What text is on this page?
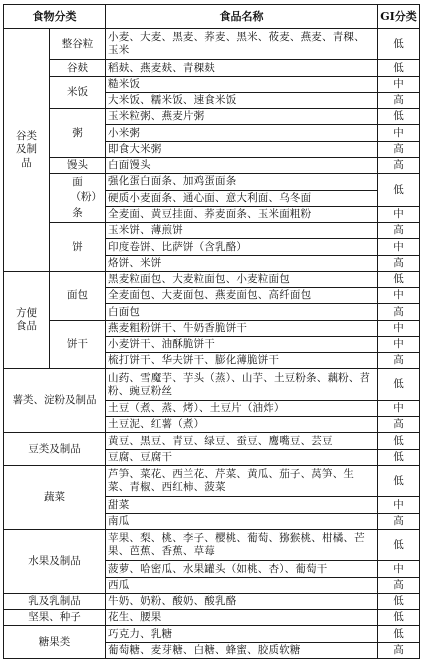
食物分类		食品名称	GI分类
谷类及制品	整谷粒	小麦、大麦、黑麦、荞麦、黑米、莜麦、燕麦、青稞、玉米	低
	谷麸	稻麸、燕麦麸、青稞麸	低
	米饭	糙米饭	中
		大米饭、糯米饭、速食米饭	高
	粥	玉米粒粥、燕麦片粥	低
		小米粥	中
		即食大米粥	高
	馒头	白面馒头	高
	面（粉）条	强化蛋白面条、加鸡蛋面条	低
		硬质小麦面条、通心面、意大利面、乌冬面	
		全麦面、黄豆挂面、荞麦面条、玉米面粗粉	中
	饼	玉米饼、薄煎饼	高
		印度卷饼、比萨饼（含乳酪）	中
		烙饼、米饼	高
方便食品	面包	黑麦粒面包、大麦粒面包、小麦粒面包	低
		全麦面包、大麦面包、燕麦面包、高纤面包	中
		白面包	高
	饼干	燕麦粗粉饼干、牛奶香脆饼干	中
		小麦饼干、油酥脆饼干	中
		梳打饼干、华夫饼干、膨化薄脆饼干	高
薯类、淀粉及制品		山药、雪魔芋、芋头（蒸）、山芋、土豆粉条、藕粉、苕粉、豌豆粉丝	低
		土豆（煮、蒸、烤）、土豆片（油炸）	中
		土豆泥、红薯（煮）	高
豆类及制品		黄豆、黑豆、青豆、绿豆、蚕豆、鹰嘴豆、芸豆	低
		豆腐、豆腐干	低
蔬菜		芦笋、菜花、西兰花、芹菜、黄瓜、茄子、莴笋、生菜、青椒、西红柿、菠菜	低
		甜菜	中
		南瓜	高
水果及制品		苹果、梨、桃、李子、樱桃、葡萄、猕猴桃、柑橘、芒果、芭蕉、香蕉、草莓	低
		菠萝、哈密瓜、水果罐头（如桃、杏）、葡萄干	中
		西瓜	高
乳及乳制品		牛奶、奶粉、酸奶、酸乳酪	低
坚果、种子		花生、腰果	低
糖果类		巧克力、乳糖	低
		葡萄糖、麦芽糖、白糖、蜂蜜、胶质软糖	高
